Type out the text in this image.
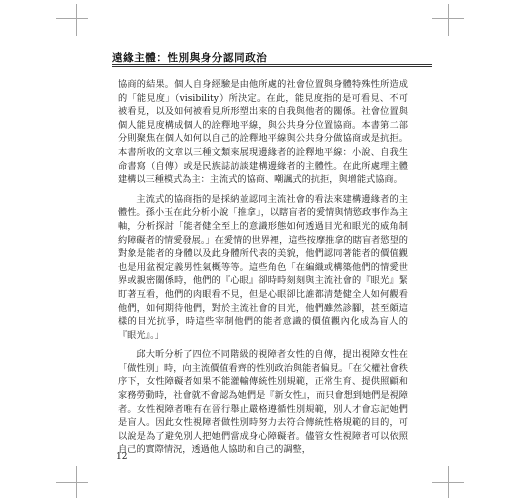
遠緣主體：性別與身分認同政治

協商的結果。個人自身經驗是由他所處的社會位置與身體特殊性所造成的「能見度」（visibility）所決定。在此，能見度指的是可看見、不可被看見，以及如何被看見所形塑出來的自我與他者的關係。社會位置與個人能見度構成個人的詮釋地平線，與公共身分位置協商。本書第二部分則聚焦在個人如何以自己的詮釋地平線與公共身分做協商或是抗拒。本書所收的文章以三種文類來展現邊緣者的詮釋地平線：小說、自我生命書寫（自傳）或是民族誌訪談建構邊緣者的主體性。在此所處理主體建構以三種模式為主：主流式的協商、嘲諷式的抗拒，與增能式協商。

主流式的協商指的是採納並認同主流社會的看法來建構邊緣者的主體性。孫小玉在此分析小說「推拿」，以瞎盲者的愛情與情慾政事作為主軸，分析探討「能者健全至上的意識形態如何透過目光和眼光的威角制約障礙者的情愛發展。」在愛情的世界裡，這些按摩推拿的瞎盲者慾望的對象是能者的身體以及此身體所代表的美貌，他們認同著能者的價值觀也是用盆視定義男性氣概等等。這些角色「在編織或構築他們的情愛世界或親密關係時，他們的『心眼』卻時時刻刻與主流社會的『眼光』緊盯著互看，他們的肉眼看不見，但是心眼卻比誰都清楚健全人如何觀看他們，如何期待他們，對於主流社會的目光，他們雖然診腳，甚至頗這樣的目光抗爭，時這些宰制他們的能者意識的價值觀內化成為盲人的『眼光』。」

邱大昕分析了四位不同階級的視障者女性的自傳，提出視障女性在「做性別」時，向主流價值看齊的性別政治與能者偏見。「在父權社會秩序下，女性障礙者如果不能灌輸傳統性別規範，正常生育、提供照顧和家務勞動時，社會就不會認為她們是『新女性』，而只會想到她們是視障者。女性視障者唯有在晉行舉止嚴格遵循性別規範，別人才會忘記她們是盲人。因此女性視障者做性別時努力去符合傳統性格規範的目的，可以說是為了避免別人把她們當成身心障礙者。儘管女性視障者可以依照自己的實際情況，透過他人協助和自己的調整，

12
